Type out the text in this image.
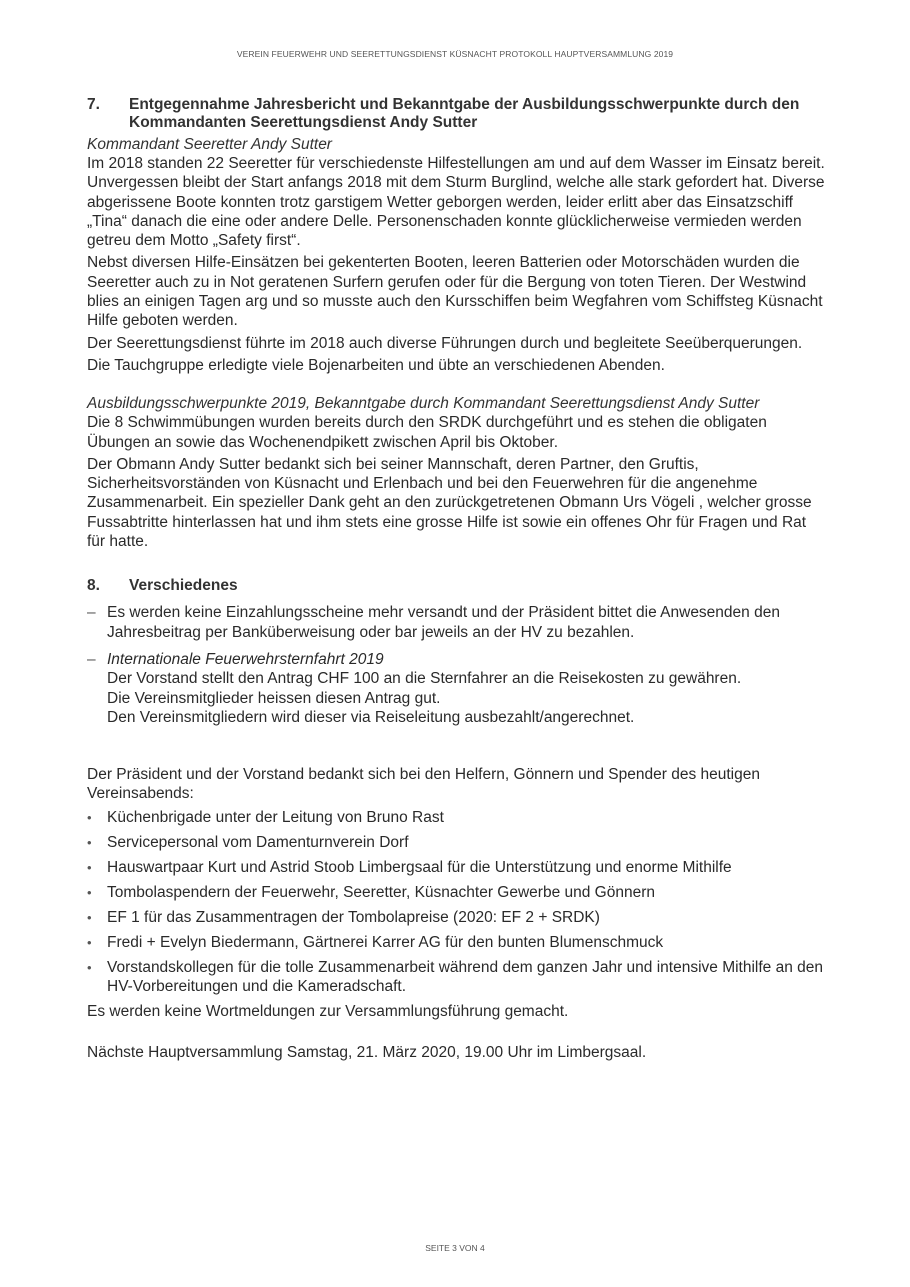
VEREIN FEUERWEHR UND SEERETTUNGSDIENST KÜSNACHT PROTOKOLL HAUPTVERSAMMLUNG 2019
7.	Entgegennahme Jahresbericht und Bekanntgabe der Ausbildungsschwerpunkte durch den Kommandanten Seerettungsdienst Andy Sutter
Kommandant Seeretter Andy Sutter

Im 2018 standen 22 Seeretter für verschiedenste Hilfestellungen am und auf dem Wasser im Einsatz bereit. Unvergessen bleibt der Start anfangs 2018 mit dem Sturm Burglind, welche alle stark gefordert hat. Diverse abgerissene Boote konnten trotz garstigem Wetter geborgen werden, leider erlitt aber das Einsatzschiff „Tina“ danach die eine oder andere Delle. Personenschaden konnte glücklicherweise vermieden werden getreu dem Motto „Safety first“.

Nebst diversen Hilfe-Einsätzen bei gekenterten Booten, leeren Batterien oder Motorschäden wurden die Seeretter auch zu in Not geratenen Surfern gerufen oder für die Bergung von toten Tieren. Der Westwind blies an einigen Tagen arg und so musste auch den Kursschiffen beim Wegfahren vom Schiffsteg Küsnacht Hilfe geboten werden.

Der Seerettungsdienst führte im 2018 auch diverse Führungen durch und begleitete Seeüberquerungen.

Die Tauchgruppe erledigte viele Bojenarbeiten und übte an verschiedenen Abenden.

Ausbildungsschwerpunkte 2019, Bekanntgabe durch Kommandant Seerettungsdienst Andy Sutter

Die 8 Schwimmübungen wurden bereits durch den SRDK durchgeführt und es stehen die obligaten Übungen an sowie das Wochenendpikett zwischen April bis Oktober.

Der Obmann Andy Sutter bedankt sich bei seiner Mannschaft, deren Partner, den Gruftis, Sicherheitsvorständen von Küsnacht und Erlenbach und bei den Feuerwehren für die angenehme Zusammenarbeit. Ein spezieller Dank geht an den zurückgetretenen Obmann Urs Vögeli , welcher grosse Fussabtritte hinterlassen hat und ihm stets eine grosse Hilfe ist sowie ein offenes Ohr für Fragen und Rat für hatte.

8.	Verschiedenes
– Es werden keine Einzahlungsscheine mehr versandt und der Präsident bittet die Anwesenden den Jahresbeitrag per Banküberweisung oder bar jeweils an der HV zu bezahlen.
– Internationale Feuerwehrsternfahrt 2019
Der Vorstand stellt den Antrag CHF 100 an die Sternfahrer an die Reisekosten zu gewähren.
Die Vereinsmitglieder heissen diesen Antrag gut.
Den Vereinsmitgliedern wird dieser via Reiseleitung ausbezahlt/angerechnet.

Der Präsident und der Vorstand bedankt sich bei den Helfern, Gönnern und Spender des heutigen Vereinsabends:

• Küchenbrigade unter der Leitung von Bruno Rast
• Servicepersonal vom Damenturnverein Dorf
• Hauswartpaar Kurt und Astrid Stoob Limbergsaal für die Unterstützung und enorme Mithilfe
• Tombolaspendern der Feuerwehr, Seeretter, Küsnachter Gewerbe und Gönnern
• EF 1 für das Zusammentragen der Tombolapreise (2020: EF 2 + SRDK)
• Fredi + Evelyn Biedermann, Gärtnerei Karrer AG für den bunten Blumenschmuck
• Vorstandskollegen für die tolle Zusammenarbeit während dem ganzen Jahr und intensive Mithilfe an den HV-Vorbereitungen und die Kameradschaft.

Es werden keine Wortmeldungen zur Versammlungsführung gemacht.

Nächste Hauptversammlung Samstag, 21. März 2020, 19.00 Uhr im Limbergsaal.

SEITE 3 VON 4
